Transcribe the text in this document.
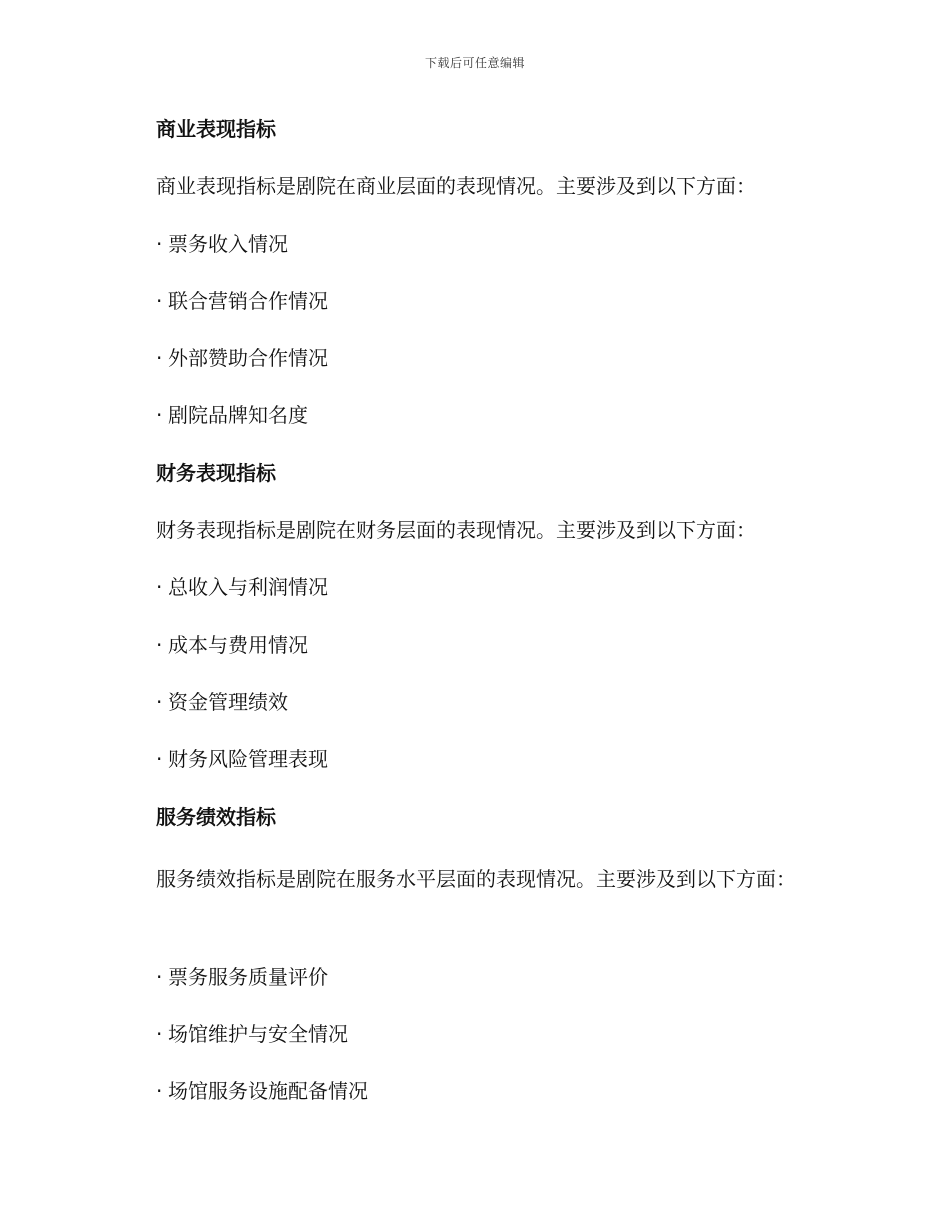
下载后可任意编辑
商业表现指标
商业表现指标是剧院在商业层面的表现情况。主要涉及到以下方面：
· 票务收入情况
· 联合营销合作情况
· 外部赞助合作情况
· 剧院品牌知名度
财务表现指标
财务表现指标是剧院在财务层面的表现情况。主要涉及到以下方面：
· 总收入与利润情况
· 成本与费用情况
· 资金管理绩效
· 财务风险管理表现
服务绩效指标
服务绩效指标是剧院在服务水平层面的表现情况。主要涉及到以下方面：
· 票务服务质量评价
· 场馆维护与安全情况
· 场馆服务设施配备情况
